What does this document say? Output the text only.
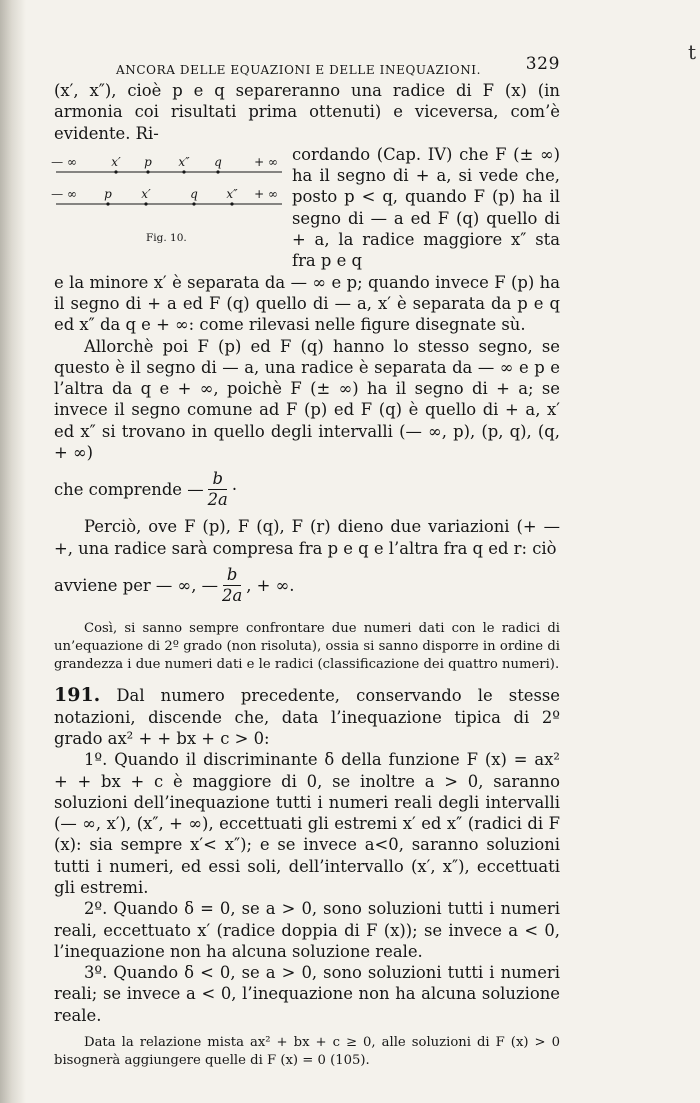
t
ANCORA DELLE EQUAZIONI E DELLE INEQUAZIONI.	329

(x′, x″), cioè p e q separeranno una radice di F (x) (in armonia coi risultati prima ottenuti) e viceversa, com’è evidente. Ri-

— ∞	x′ p x″ q	+ ∞
— ∞ p x′	q x″ + ∞
Fig. 10.

cordando (Cap. IV) che F (± ∞) ha il segno di + a, si vede che, posto p < q, quando F (p) ha il segno di — a ed F (q) quello di + a, la radice maggiore x″ sta fra p e q

e la minore x′ è separata da — ∞ e p; quando invece F (p) ha il segno di + a ed F (q) quello di — a, x′ è separata da p e q ed x″ da q e + ∞: come rilevasi nelle figure disegnate sù.

Allorchè poi F (p) ed F (q) hanno lo stesso segno, se questo è il segno di — a, una radice è separata da — ∞ e p e l’altra da q e + ∞, poichè F (± ∞) ha il segno di + a; se invece il segno comune ad F (p) ed F (q) è quello di + a, x′ ed x″ si trovano in quello degli intervalli (— ∞, p), (p, q), (q, + ∞)

che comprende — $\frac{b}{2a}$ ·

Perciò, ove F (p), F (q), F (r) dieno due variazioni (+ — +, una radice sarà compresa fra p e q e l’altra fra q ed r: ciò

avviene per — ∞, — $\frac{b}{2a}$ , + ∞.

Così, si sanno sempre confrontare due numeri dati con le radici di un’equazione di 2º grado (non risoluta), ossia si sanno disporre in ordine di grandezza i due numeri dati e le radici (classificazione dei quattro numeri).

191. Dal numero precedente, conservando le stesse notazioni, discende che, data l’inequazione tipica di 2º grado ax² + + bx + c > 0:

1º. Quando il discriminante δ della funzione F (x) = ax² + + bx + c è maggiore di 0, se inoltre a > 0, saranno soluzioni dell’inequazione tutti i numeri reali degli intervalli (— ∞, x′), (x″, + ∞), eccettuati gli estremi x′ ed x″ (radici di F (x): sia sempre x′< x″); e se invece a<0, saranno soluzioni tutti i numeri, ed essi soli, dell’intervallo (x′, x″), eccettuati gli estremi.

2º. Quando δ = 0, se a > 0, sono soluzioni tutti i numeri reali, eccettuato x′ (radice doppia di F (x)); se invece a < 0, l’inequazione non ha alcuna soluzione reale.

3º. Quando δ < 0, se a > 0, sono soluzioni tutti i numeri reali; se invece a < 0, l’inequazione non ha alcuna soluzione reale.

Data la relazione mista ax² + bx + c ≥ 0, alle soluzioni di F (x) > 0 bisognerà aggiungere quelle di F (x) = 0 (105).
